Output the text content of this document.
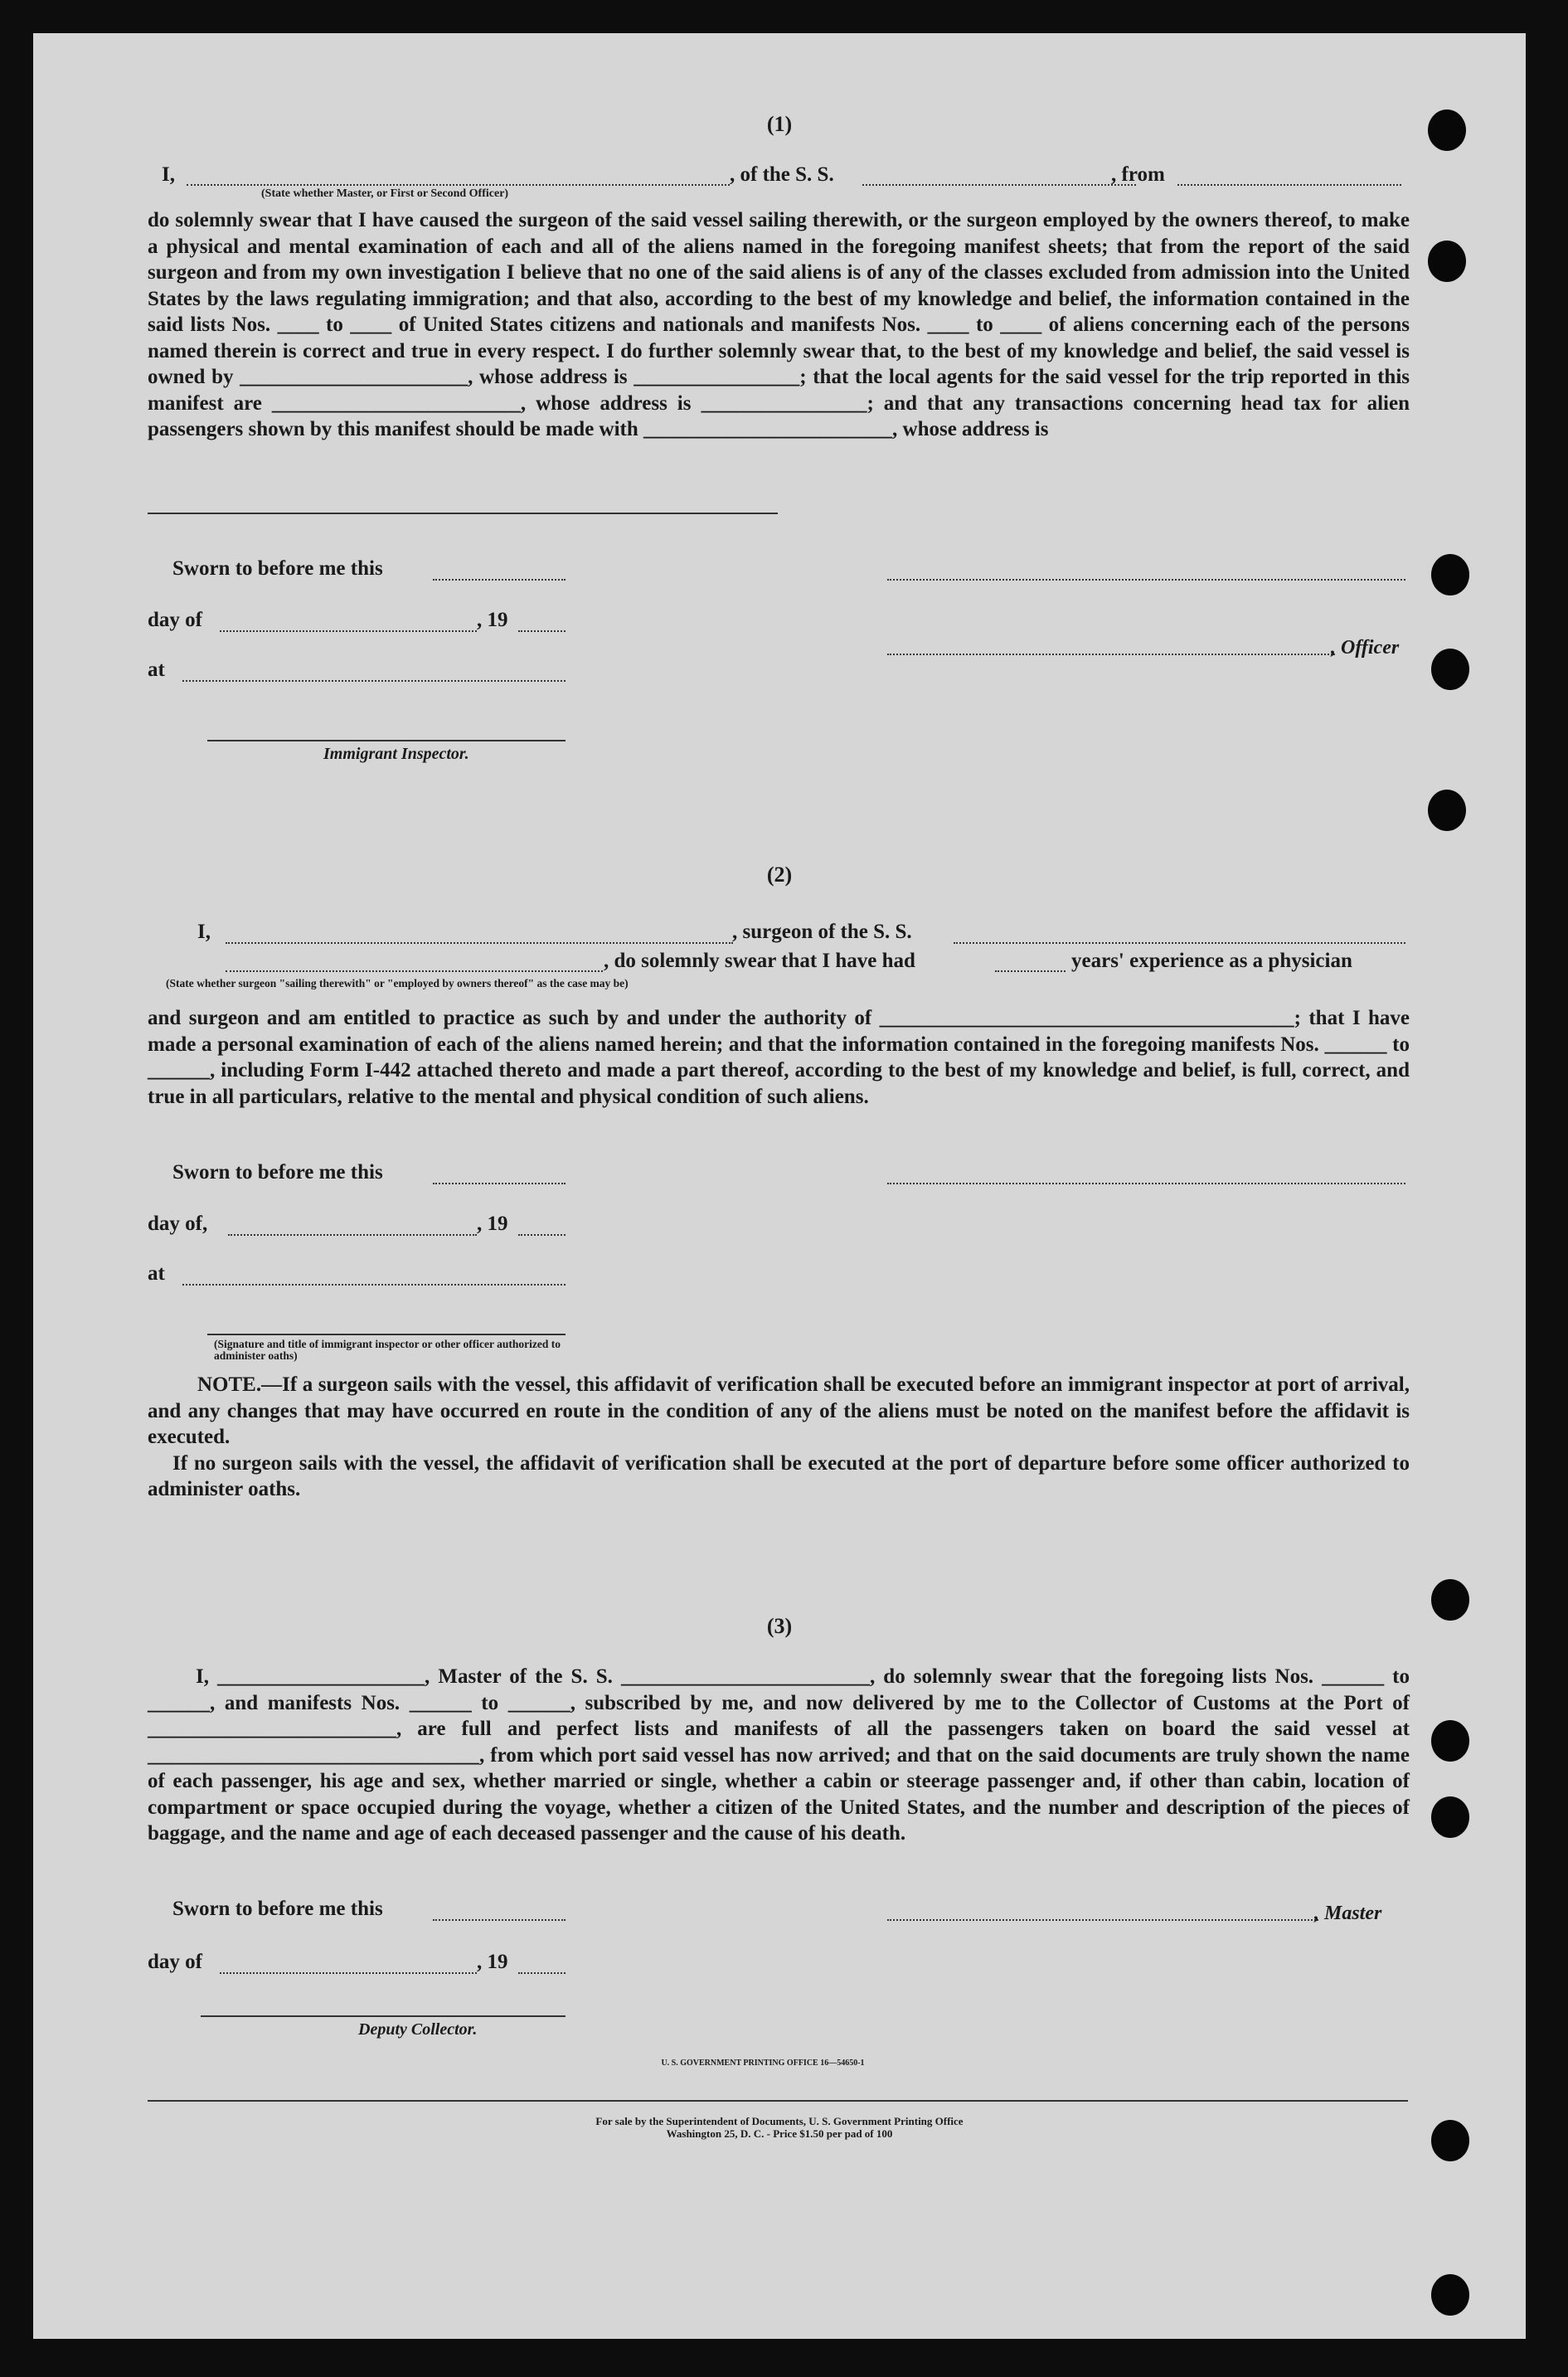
(1)
I,	, of the S. S.	, from
(State whether Master, or First or Second Officer)

do solemnly swear that I have caused the surgeon of the said vessel sailing therewith, or the surgeon employed by the owners thereof, to make a physical and mental examination of each and all of the aliens named in the foregoing manifest sheets; that from the report of the said surgeon and from my own investigation I believe that no one of the said aliens is of any of the classes excluded from admission into the United States by the laws regulating immigration; and that also, according to the best of my knowledge and belief, the information contained in the said lists Nos. ____ to ____ of United States citizens and nationals and manifests Nos. ____ to ____ of aliens concerning each of the persons named therein is correct and true in every respect. I do further solemnly swear that, to the best of my knowledge and belief, the said vessel is owned by ______________________, whose address is ________________; that the local agents for the said vessel for the trip reported in this manifest are ________________________, whose address is ________________; and that any transactions concerning head tax for alien passengers shown by this manifest should be made with ________________________, whose address is

Sworn to before me this
day of	, 19
, Officer
at
Immigrant Inspector.
(2)
I,	, surgeon of the S. S.
, do solemnly swear that I have had	years' experience as a physician
(State whether surgeon "sailing therewith" or "employed by owners thereof" as the case may be)

and surgeon and am entitled to practice as such by and under the authority of ________________________________________; that I have made a personal examination of each of the aliens named herein; and that the information contained in the foregoing manifests Nos. ______ to ______, including Form I-442 attached thereto and made a part thereof, according to the best of my knowledge and belief, is full, correct, and true in all particulars, relative to the mental and physical condition of such aliens.

Sworn to before me this
day of,	, 19
at
(Signature and title of immigrant inspector or other officer authorized to administer oaths)

NOTE.—If a surgeon sails with the vessel, this affidavit of verification shall be executed before an immigrant inspector at port of arrival, and any changes that may have occurred en route in the condition of any of the aliens must be noted on the manifest before the affidavit is executed.

If no surgeon sails with the vessel, the affidavit of verification shall be executed at the port of departure before some officer authorized to administer oaths.

(3)

I, ____________________, Master of the S. S. ________________________, do solemnly swear that the foregoing lists Nos. ______ to ______, and manifests Nos. ______ to ______, subscribed by me, and now delivered by me to the Collector of Customs at the Port of ________________________, are full and perfect lists and manifests of all the passengers taken on board the said vessel at ________________________________, from which port said vessel has now arrived; and that on the said documents are truly shown the name of each passenger, his age and sex, whether married or single, whether a cabin or steerage passenger and, if other than cabin, location of compartment or space occupied during the voyage, whether a citizen of the United States, and the number and description of the pieces of baggage, and the name and age of each deceased passenger and the cause of his death.

Sworn to before me this	, Master
day of	, 19
Deputy Collector.
U. S. GOVERNMENT PRINTING OFFICE 16—54650-1
For sale by the Superintendent of Documents, U. S. Government Printing Office
Washington 25, D. C. - Price $1.50 per pad of 100
